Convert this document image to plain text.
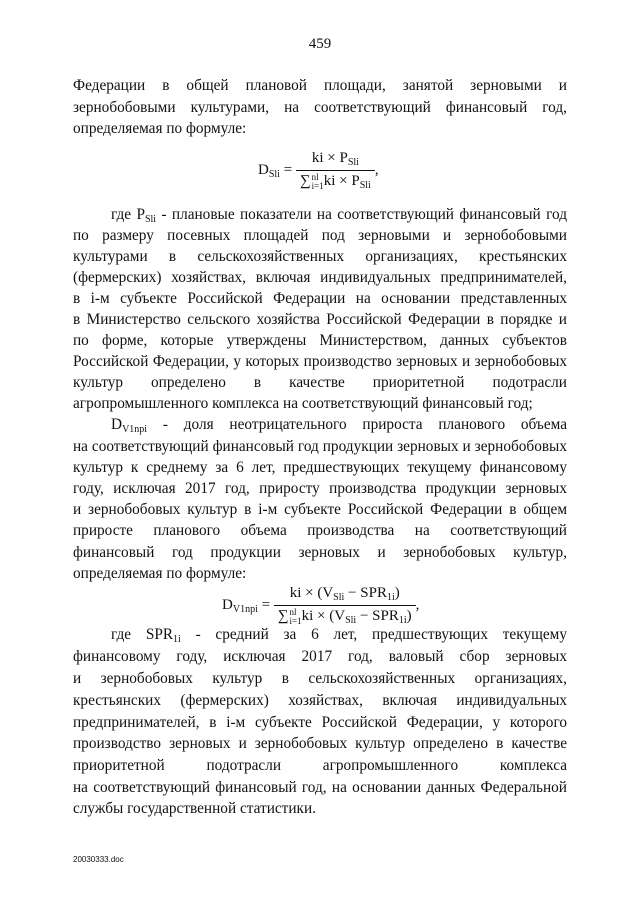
459
Федерации в общей плановой площади, занятой зерновыми и
зернобобовыми культурами, на соответствующий финансовый год,
определяемая по формуле:
$D_{Sli}$ = ki × $P_{Sli}$
∑ nl
i=1 ki × $P_{Sli}$ ,
где $P_{Sli}$ - плановые показатели на соответствующий финансовый год
по размеру посевных площадей под зерновыми и зернобобовыми
культурами в сельскохозяйственных организациях, крестьянских
(фермерских) хозяйствах, включая индивидуальных предпринимателей,
в i-м субъекте Российской Федерации на основании представленных
в Министерство сельского хозяйства Российской Федерации в порядке и
по форме, которые утверждены Министерством, данных субъектов
Российской Федерации, у которых производство зерновых и зернобобовых
культур определено в качестве приоритетной подотрасли
агропромышленного комплекса на соответствующий финансовый год;
$D_{V1npi}$ - доля неотрицательного прироста планового объема
на соответствующий финансовый год продукции зерновых и зернобобовых
культур к среднему за 6 лет, предшествующих текущему финансовому
году, исключая 2017 год, приросту производства продукции зерновых
и зернобобовых культур в i-м субъекте Российской Федерации в общем
приросте планового объема производства на соответствующий
финансовый год продукции зерновых и зернобобовых культур,
определяемая по формуле:
$D_{V1npi}$ = ki × $(V_{Sli} - SPR_{1i})$
∑ nl
i=1 ki × $(V_{Sli} - SPR_{1i})$ ,
где $SPR_{1i}$ - средний за 6 лет, предшествующих текущему
финансовому году, исключая 2017 год, валовый сбор зерновых
и зернобобовых культур в сельскохозяйственных организациях,
крестьянских (фермерских) хозяйствах, включая индивидуальных
предпринимателей, в i-м субъекте Российской Федерации, у которого
производство зерновых и зернобобовых культур определено в качестве
приоритетной подотрасли агропромышленного комплекса
на соответствующий финансовый год, на основании данных Федеральной
службы государственной статистики.
20030333.doc
